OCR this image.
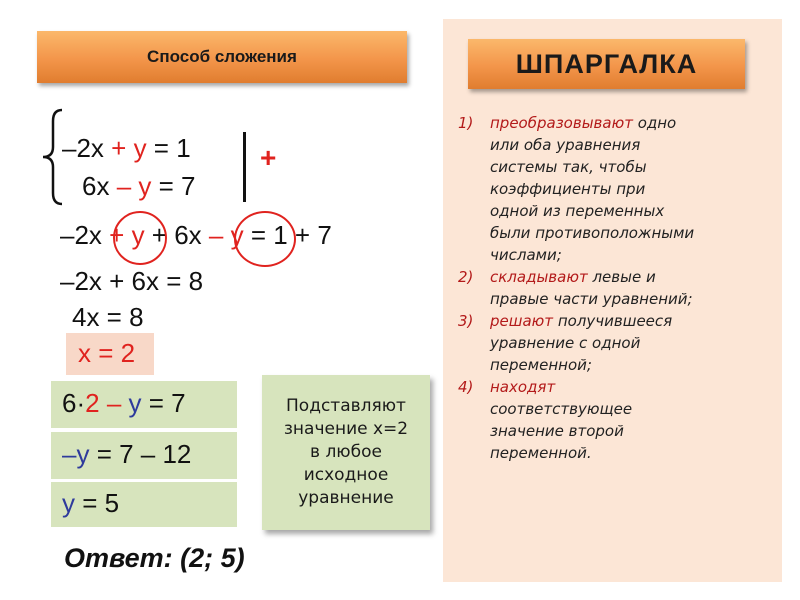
ШПАРГАЛКА
1)	преобразовывают одно
или оба уравнения
системы так, чтобы
коэффициенты при
одной из переменных
были противоположными
числами;
2)	складывают левые и
правые части уравнений;
3)	решают получившееся
уравнение с одной
переменной;
4)	находят
соответствующее
значение второй
переменной.
Способ сложения
–2x + y = 1
6x – y = 7
+
–2x + y + 6x – y = 1 + 7
–2x + 6x = 8
4x = 8
x = 2
6·2 – y = 7
–y = 7 – 12
y = 5
Подставляют
значение х=2
в любое
исходное
уравнение
Ответ: (2; 5)
